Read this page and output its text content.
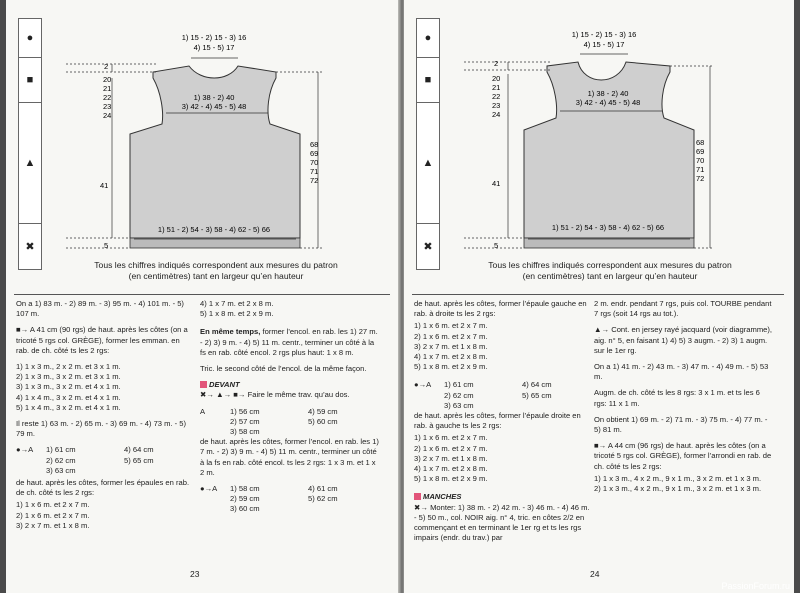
●
■
▲
✖
1) 15 - 2) 15 - 3) 16
4) 15 - 5) 17
2
20
21
22
23
24
1) 38 - 2) 40
3) 42 - 4) 45 - 5) 48
68
69
70
71
72
41
1) 51 - 2) 54 - 3) 58 - 4) 62 - 5) 66
5
Tous les chiffres indiqués correspondent aux mesures du patron
(en centimètres) tant en largeur qu’en hauteur

On a 1) 83 m. - 2) 89 m. - 3) 95 m. - 4) 101 m. - 5) 107 m.

■→ A 41 cm (90 rgs) de haut. après les côtes (on a tricoté 5 rgs col. GRÈGE), former les emman. en rab. de ch. côté ts les 2 rgs:

1) 1 x 3 m., 2 x 2 m. et 3 x 1 m.
2) 1 x 3 m., 3 x 2 m. et 3 x 1 m.
3) 1 x 3 m., 3 x 2 m. et 4 x 1 m.
4) 1 x 4 m., 3 x 2 m. et 4 x 1 m.
5) 1 x 4 m., 3 x 2 m. et 4 x 1 m.

Il reste 1) 63 m. - 2) 65 m. - 3) 69 m. - 4) 73 m. - 5) 79 m.

●→A	1) 61 cm	4) 64 cm
2) 62 cm	5) 65 cm
3) 63 cm

de haut. après les côtes, former les épaules en rab. de ch. côté ts les 2 rgs:

1) 1 x 6 m. et 2 x 7 m.
2) 1 x 6 m. et 2 x 7 m.
3) 2 x 7 m. et 1 x 8 m.
4) 1 x 7 m. et 2 x 8 m.
5) 1 x 8 m. et 2 x 9 m.

En même temps, former l’encol. en rab. les 1) 27 m. - 2) 3) 9 m. - 4) 5) 11 m. centr., terminer un côté à la fs en rab. côté encol. 2 rgs plus haut: 1 x 8 m.

Tric. le second côté de l’encol. de la même façon.

DEVANT

✖→ ▲→ ■→ Faire le même trav. qu’au dos.

A	1) 56 cm	4) 59 cm
2) 57 cm	5) 60 cm
3) 58 cm

de haut. après les côtes, former l’encol. en rab. les 1) 7 m. - 2) 3) 9 m. - 4) 5) 11 m. centr., terminer un côté à la fs en rab. côté encol. ts les 2 rgs: 1 x 3 m. et 1 x 2 m.

●→A	1) 58 cm	4) 61 cm
2) 59 cm	5) 62 cm
3) 60 cm
23
●
■
▲
✖
1) 15 - 2) 15 - 3) 16
4) 15 - 5) 17
2
20
21
22
23
24
1) 38 - 2) 40
3) 42 - 4) 45 - 5) 48
68
69
70
71
72
41
1) 51 - 2) 54 - 3) 58 - 4) 62 - 5) 66
5
Tous les chiffres indiqués correspondent aux mesures du patron
(en centimètres) tant en largeur qu’en hauteur

de haut. après les côtes, former l’épaule gauche en rab. à droite ts les 2 rgs:

1) 1 x 6 m. et 2 x 7 m.
2) 1 x 6 m. et 2 x 7 m.
3) 2 x 7 m. et 1 x 8 m.
4) 1 x 7 m. et 2 x 8 m.
5) 1 x 8 m. et 2 x 9 m.
●→A	1) 61 cm	4) 64 cm
2) 62 cm	5) 65 cm
3) 63 cm

de haut. après les côtes, former l’épaule droite en rab. à gauche ts les 2 rgs:

1) 1 x 6 m. et 2 x 7 m.
2) 1 x 6 m. et 2 x 7 m.
3) 2 x 7 m. et 1 x 8 m.
4) 1 x 7 m. et 2 x 8 m.
5) 1 x 8 m. et 2 x 9 m.
MANCHES

✖→ Monter: 1) 38 m. - 2) 42 m. - 3) 46 m. - 4) 46 m. - 5) 50 m., col. NOIR aig. n° 4, tric. en côtes 2/2 en commençant et en terminant le 1er rg et ts les rgs impairs (endr. du trav.) par

2 m. endr. pendant 7 rgs, puis col. TOURBE pendant 7 rgs (soit 14 rgs au tot.).

▲→ Cont. en jersey rayé jacquard (voir diagramme), aig. n° 5, en faisant 1) 4) 5) 3 augm. - 2) 3) 1 augm. sur le 1er rg.

On a 1) 41 m. - 2) 43 m. - 3) 47 m. - 4) 49 m. - 5) 53 m.

Augm. de ch. côté ts les 8 rgs: 3 x 1 m. et ts les 6 rgs: 11 x 1 m.

On obtient 1) 69 m. - 2) 71 m. - 3) 75 m. - 4) 77 m. - 5) 81 m.

■→ A 44 cm (96 rgs) de haut. après les côtes (on a tricoté 5 rgs col. GRÈGE), former l’arrondi en rab. de ch. côté ts les 2 rgs:

1) 1 x 3 m., 4 x 2 m., 9 x 1 m., 3 x 2 m. et 1 x 3 m.
2) 1 x 3 m., 4 x 2 m., 9 x 1 m., 3 x 2 m. et 1 x 3 m.
24
PassionForum.ru
